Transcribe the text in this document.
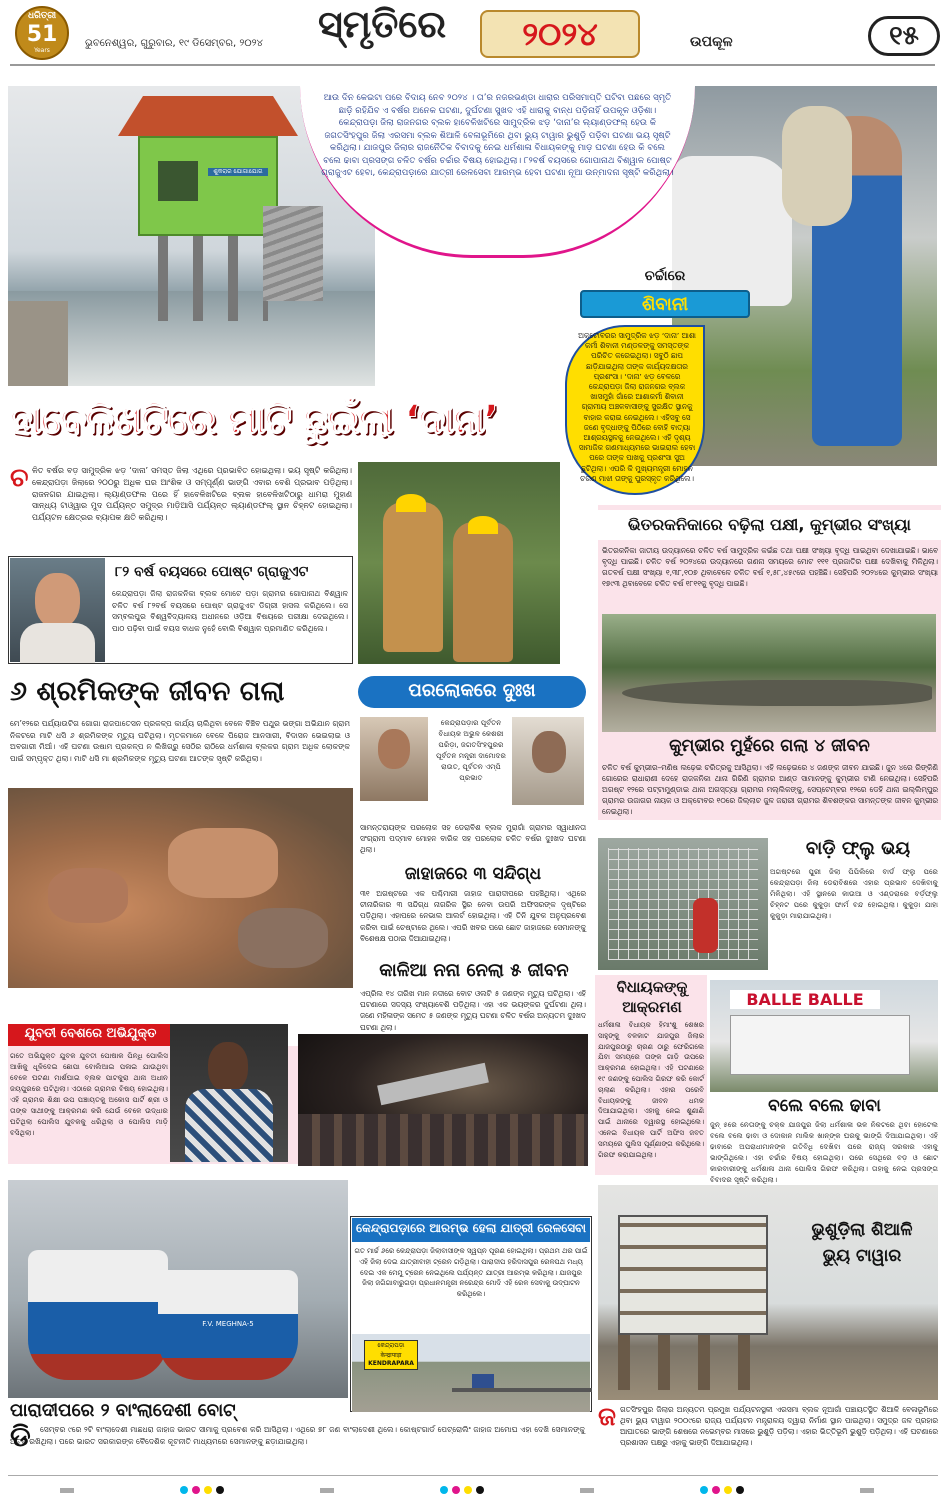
ଧରିତ୍ରୀ
51
Years
ଭୁବନେଶ୍ୱର, ଗୁରୁବାର, ୧୯ ଡିସେମ୍ବର, ୨୦୨୪	ସ୍ମୃତିରେ	୨୦୨୪	ଉପକୂଳ	୧୫
ଶୁକରାର ଯୋଗାଯୋଗ
ଆଉ ଦିନ କେଇଟା ପରେ ବିଦାୟ ନେବ ୨୦୨୪ । ତା’ର ନଜରଭଣ୍ଡା ଧାରାର ପରିସମାପ୍ତି ଘଟିବା ପଛରେ ସ୍ମୃତି ଛାଡ଼ି ରହିଯିବ ଏ ବର୍ଷର ଅନେକ ଘଟଣା, ଦୁର୍ଘଟଣା ସୁଖଦ ଏହି ଧାରାକୁ ବାନ୍ଧ ପଡ଼ିନାହିଁ ଉପକୂଳ ଓଡ଼ିଶା। କେନ୍ଦ୍ରାପଡ଼ା ଜିଲା ରାଜନଗର ବ୍ଲକ ହାବେଳିଖଟିରେ ସାମୁଦ୍ରିକ ଝଡ଼ ‘ଦାନା’ର ଲ୍ୟାଣ୍ଡଫଲ୍ ହେଉ କି ଜଗତସିଂହପୁର ଜିଲା ଏରସମା ବ୍ଲକ ଶିଆଳି ବେଳାଭୂମିରେ ଥିବା ଭ୍ୟୁ ଟାୱାର ଭୁଶୁଡ଼ି ପଡ଼ିବା ଘଟଣା ଭୟ ସୃଷ୍ଟି କରିଥିଲା। ଯାଜପୁର ଜିଲାର ରାଜନୈତିକ ବିବାଦକୁ ନେଇ ଧର୍ମଶାଳା ବିଧାୟକଙ୍କୁ ମାଡ଼ ଘଟଣା ହେଉ କି ବଲେ ବଲେ ଢାବା ପ୍ରସଙ୍ଗ ଚଳିତ ବର୍ଷର ଚର୍ଚ୍ଚାର ବିଷୟ ହୋଇଥିଲା। ୮୨ବର୍ଷ ବୟସରେ ଗୋପାନାଥ ବିଶ୍ୱାଳ ପୋଷ୍ଟ ଗ୍ରାଜୁଏଟ ହେବା, କେନ୍ଦ୍ରାପଡ଼ାରେ ଯାତ୍ରୀ ରେଳସେବା ଆରମ୍ଭ ହେବା ଘଟଣା ନୂଆ ଉନ୍ମାଦନା ସୃଷ୍ଟି କରିଥିଲା।
ଚର୍ଚ୍ଚାରେ
ଶିବାନୀ
ଅକ୍ଟୋବରର ସାମୁଦ୍ରିକ ଝଡ଼ ‘ଦାନା’ ଆଶା କର୍ମୀ ଶିବାନୀ ମଣ୍ଡଳଙ୍କୁ ସମସ୍ତଙ୍କ ପରିଚିତ କରେଇଥିଲା। ସବୁଠି ଛାପ ଛାଡ଼ିଯାଇଥିଲା ତାଙ୍କ କାର୍ଯ୍ୟଦକ୍ଷତାର ପ୍ରଶଂସା। ‘ଦାନା’ ଝଡ଼ ବେଳରେ କେନ୍ଦ୍ରାପଡ଼ା ଜିଲା ରାଜନଗର ବ୍ଲକ ଖାସମୁହାଁ ଗାଁରେ ଆଶାକର୍ମୀ ଶିବାନୀ ଗ୍ରାମୀୟ ଅଞ୍ଚଳବାସୀଙ୍କୁ ସୁରକ୍ଷିତ ସ୍ଥାନକୁ ବାହାର କରାଇ ନେଇଥିଲେ। ଏହିସବୁ ସେ ଜଣେ ବୃଦ୍ଧାଙ୍କୁ ପିଠିରେ ବୋହି ବାତ୍ୟା ଆଶ୍ରୟସ୍ଥଳକୁ ନେଇଥିଲେ। ଏହି ଦୃଶ୍ୟ ସାମାଜିକ ଗଣମାଧ୍ୟମରେ ଭାଇରାଲ ହେବା ପରେ ତାଙ୍କ ପାଖକୁ ପ୍ରଶଂସା ସୁଅ ଛୁଟିଥିଲା। ଏପରି କି ମୁଖ୍ୟମନ୍ତ୍ରୀ ମୋହନ ଚରଣ ମାଝୀ ତାଙ୍କୁ ପୁରସ୍କୃତ କରିଥିଲେ।
ହାବେଳିଖଟିରେ ମାଟି ଛୁଇଁଲା ‘ଦାନା’
ଚ ଳିତ ବର୍ଷର ବଡ଼ ସାମୁଦ୍ରିକ ଝଡ଼ ‘ଦାନା’ ସମସ୍ତ ଜିଲା ଏଥିରେ ପ୍ରଭାବିତ ହୋଇଥିଲା। ଭୟ ସୃଷ୍ଟି କରିଥିଲା। କେନ୍ଦ୍ରାପଡ଼ା ଜିଲାରେ ୨୦୦ରୁ ଅଧିକ ଘର ଆଂଶିକ ଓ ସମ୍ପୂର୍ଣ୍ଣ ଭାଙ୍ଗି ଏବାର ବେଶି ପ୍ରଭାବ ପଡ଼ିଥିଲା। ରାଜନଗର ଯାଇଥିଲା। ଲ୍ୟାଣ୍ଡଫଲ ପରେ ହିଁ ହାବେଳିଖଟିରେ ବ୍ଲକ ହାବେଳିଖଟିଠାରୁ ଧାମରା ମୁହାଣ ସାନ୍ଧ୍ୟ ଟାଓ୍ୱାର ମୁଦ ପର୍ଯ୍ୟନ୍ତ ସମୁଦ୍ର ମାଡ଼ିଆସି ପର୍ଯ୍ୟନ୍ତ ଲ୍ୟାଣ୍ଡଫଲ୍ ସ୍ଥାନ ଚିହ୍ନଟ ହୋଇଥିଲା। ପର୍ଯ୍ୟଟନ କ୍ଷେତ୍ରର ବ୍ୟାପକ କ୍ଷତି କରିଥିଲା।
୮୨ ବର୍ଷ ବୟସରେ ପୋଷ୍ଟ ଗ୍ରାଜୁଏଟ
କେନ୍ଦ୍ରାପଡ଼ା ଜିଲା ରାଜକନିକା ବ୍ଲକ ମୋଟେ ପଡ଼ା ଗ୍ରାମର ଗୋପାନାଥ ବିଶ୍ୱାଳ ଚଳିତ ବର୍ଷ ୮୨ବର୍ଷ ବୟସରେ ପୋଷ୍ଟ ଗ୍ରାଜୁଏଟ ଡିଗ୍ରୀ ହାସଲ କରିଥିଲେ। ସେ ସମ୍ବଲପୁର ବିଶ୍ୱବିଦ୍ୟାଳୟ ଅଧୀନରେ ଓଡ଼ିଆ ବିଷୟରେ ପରୀକ୍ଷା ଦେଇଥିଲେ। ପାଠ ପଢ଼ିବା ପାଇଁ ବୟସ ବାଧକ ନୁହେଁ ବୋଲି ବିଶ୍ୱାଳ ପ୍ରମାଣିତ କରିଥିଲେ।
୬ ଶ୍ରମିକଙ୍କ ଜୀବନ ଗଲା
ମେ’୧୨ରେ ପର୍ଯ୍ୟାଉଟିଗ ଗୋଗା ରାଜପାତେସନ ପ୍ରକଳ୍ପ କାର୍ଯ୍ୟ ଚାଲିଥିବା ବେଳେ ବିଞ୍ଚିବ ପଥୁର ଭଙ୍ଗା ଅଭିଯାନ ଗ୍ରାମ ନିକଟରେ ମାଟି ଧସି ୬ ଶ୍ରମିକଙ୍କ ମୃତ୍ୟୁ ଘଟିଥିଲା। ମୃତକମାନେ ବେଳେ ପିରୋଜ ଆନସାରୀ, ବିଦାସନ ଭେଇଲାଇ ଓ ଅବଗାରୀ ମିଆଁ। ଏହି ଘଟଣା ଉଷାମ ପ୍ରକଳ୍ପ ନ ଲିଖିଗ୍ରୁ ସେଠିର ରାଠିରେ ଧର୍ମଶାଳା ବ୍ଲକର ଗ୍ରାମ ଅଧିକ ଲୋକଙ୍କ ପାଇଁ ସମ୍ପୃକ୍ତ ଥିଲା। ମାଟି ଧସି ମା ଶ୍ରମିକଙ୍କ ମୃତ୍ୟୁ ଘଟଣା ଆତଙ୍କ ସୃଷ୍ଟି କରିଥିଲା।
ପରଲୋକରେ ଦୁଃଖ
କେନ୍ଦ୍ରାପଡ଼ାର ପୂର୍ବତନ ବିଧାୟକ ଅଭୁଳ କେଶରୀ ପରିଡ଼ା, ଜଗତସିଂହପୁରର ପୂର୍ବତନ ମନ୍ତ୍ରୀ ଦାମୋଦର ରାଉତ, ପୂର୍ବତନ ଏମ୍‌ପି ପ୍ରଭାତ
ସାମନ୍ତରାୟଙ୍କ ପରଲୋକ ସହ ଡେରାବିଶ ବ୍ଲକ ମୁରାଗାଁ ଗ୍ରାମର ସ୍ୱାଧୀନତା ସଂଗ୍ରାମୀ ପଦ୍ମାବ ମୋହନ ବାରିକ ସହ ପରଲୋକ ଚଳିତ ବର୍ଷର ଦୁଃଖଦ ଘଟଣା ଥିଲା।
ଜାହାଜରେ ୩ ସନ୍ଦିଗ୍ଧ
୩୧ ଅଗଷ୍ଟରେ ଏକ ପଶ୍ଚିମାରୀ ଜାହାଜ ପାରାଦୀପରେ ପହଞ୍ଚିଥିଲା। ଏଥିରେ ଚୀନାରିକାର ୩ ସନ୍ଦିଗ୍ଧ ନାଗରିକ ସ୍ଥିର ନେବା ଉପରି ଅଫିସରଙ୍କ ଦୃଷ୍ଟିରେ ପଡ଼ିଥିଲା। ଏହାପରେ ନେଭାଲ ଆଲର୍ଟ ହୋଇଥିଲା। ଏହି ତିନି ଯୁବକ ଅନୁପ୍ରବେଶ କରିବା ପାଇଁ ଚେଷ୍ଟାରେ ଥିଲେ। ଏପରି ଖବର ପରେ ଛୋଟ ଜାହାଜରେ ସେମାନଙ୍କୁ ବିଶେଷକ୍ଷ ପଠାଇ ଦିଆଯାଇଥିଲା।
କାଳିଆ ନନା ନେଲା ୫ ଜୀବନ
ଏପ୍ରିଲ ୧୪ ତାରିଖ ମାନ ନଦୀରେ ବୋଟ ଓଲଟି ୫ ଜଣଙ୍କ ମୃତ୍ୟୁ ଘଟିଥିଲା। ଏହି ଘଟଣାରେ ସଦସ୍ୟ ସଂଖ୍ୟାବେଶି ପଡ଼ିଥିଲା। ଏହା ଏକ ଭୟଙ୍କର ଦୁର୍ଘଟଣା ଥିଲା। ଜଣେ ମହିଳାଙ୍କ ସମେତ ୫ ଜଣଙ୍କ ମୃତ୍ୟୁ ଘଟଣା ଚଳିତ ବର୍ଷର ଅନ୍ୟତମ ଦୁଃଖଦ ଘଟଣା ଥିଲା।
ଯୁବତୀ ବେଶରେ ଅଭିଯୁକ୍ତ
ଗତେ ଅଭିଯୁକ୍ତ ଯୁବକ ଯୁବତୀ ପୋଷାକ ପିନ୍ଧି ପୋଲିସ ଆଖିକୁ ଧୂଳିଦେଇ ଛୋପା ବୋଲିଆଇ ପଳାଇ ଯାଉଥିବା ବେଳେ ଘଟଣା ମାର୍ଶଘାଇ ବ୍ଲକ ପାଟକୁରା ଥାନା ଅଧୀନ ଜୟପୁରରେ ଘଟିଥିଲା। ଏଠାରେ ଗ୍ରାମର ବିଷୟ ହୋଇଥିଲା। ଏହି ଗ୍ରାମର ଶିକ୍ଷୀ ଉପ ପଞ୍ଚାୟତକୁ ଅକୋସ ପାର୍ଟି ଶ୍ରୀ ଓ ତାଙ୍କ ସାଥୀଙ୍କୁ ଆକ୍ରମଣ କରି ଯେଉଁ ବେଳେ ଉଦ୍ଧାର ଘଟିଥିଲା ପୋଲିସ ଯୁବକକୁ ଧରିଥିଲା ଓ ପୋଲିସ ମାଡ଼ି ବସିଥିଲା।
ଭିତରକନିକାରେ ବଢ଼ିଲା ପକ୍ଷୀ, କୁମ୍ଭୀର ସଂଖ୍ୟା
ଭିତରକନିକା ଜାତୀୟ ଉଦ୍ୟାନରେ ଚଳିତ ବର୍ଷ ସାମୁଦ୍ରିକ କଇଁଛ ତଥା ପକ୍ଷୀ ସଂଖ୍ୟା ବୃଦ୍ଧି ପାଇଥିବା ଦେଖାଯାଇଛି। ଭାବେ ବୃଦ୍ଧି ପାଇଛି। ଚଳିତ ବର୍ଷ ୨୦୨୪ରେ ଉଦ୍ୟାନରେ ଗଣନା ସମୟରେ ମୋଟ ୧୧୧ ପ୍ରଜାତିର ପକ୍ଷୀ ଦେଖିବାକୁ ମିଳିଥିଲା। ଗତବର୍ଷ ପକ୍ଷୀ ସଂଖ୍ୟା ୧,୩୮,୧୦୭ ଥିବାବେଳେ ଚଳିତ ବର୍ଷ ୧,୫୮,୪୫୯ରେ ପହଞ୍ଚିଛି। ସେହିପରି ୨୦୨୪ରେ କୁମ୍ଭୀର ସଂଖ୍ୟା ୧୭୯୩ ଥିବାବେଳେ ଚଳିତ ବର୍ଷ ୧୮୧୧କୁ ବୃଦ୍ଧି ପାଇଛି।
କୁମ୍ଭୀର ମୁହଁରେ ଗଲା ୪ ଜୀବନ
ଚଳିତ ବର୍ଷ କୁମ୍ଭୀର–ମଣିଷ ଲଢ଼େଇ ଚରିତ୍ରକୁ ଆସିଥିଲା। ଏହି ଲଢ଼େଇରେ ୪ ଜଣଙ୍କ ଜୀବନ ଯାଇଛି। ଜୁନ ୪ରେ ରିଙ୍କିଣି ଗୋରେର ରାଧାରାଣୀ ଦେହେ ରାଜକନିକା ଥାନା ଗିରିଣି ଗ୍ରାମର ଆଣ୍ଡ ସାମାନଙ୍କୁ କୁମ୍ଭୀର ଟାଣି ନେଇଥିଲା। ସେହିପରି ଅଗଷ୍ଟ ୧୨ରେ ପଟ୍ଟାମୁଣ୍ଡାଇ ଥାନା ଅଗସ୍ତ୍ୟା ଗ୍ରାମର ମଲ୍ଲିକଙ୍କୁ, ସେପ୍ଟେମ୍ବର ୧୨ରେ ଡେହି ଥାନା ଇଲ୍ଲିମ୍ପୁର ଗ୍ରାମର ଉଜାଗର ନାୟକ ଓ ଅକ୍ଟୋବର ୧୦ରେ ଜିଲ୍ଲାଚ ଜୁଳ ଜରାରୀ ଗ୍ରାମର ଶିବଶଙ୍କର ସାମନ୍ତଙ୍କ ଜୀବନ କୁମ୍ଭୀର ନେଇଥିଲା।
ବାଡ଼ି ଫ୍ଲୁ ଭୟ
ଅଗଷ୍ଟରେ ପୁରୀ ଜିଲା ପିପିଲିରେ ବାର୍ଡ ଫ୍ଲୁ ପରେ କେନ୍ଦ୍ରାପଡ଼ା ଜିଲା ଡେରାବିଶରେ ଏହାର ପ୍ରଭାବ ଦେଖିବାକୁ ମିଳିଥିଲା। ଏହି ସ୍ଥାନରେ କାଉଆ ଓ ଏଣ୍ଡରାରେ ବର୍ଡ଼ଫ୍ଲୁ ଚିହ୍ନଟ ପରେ କୁକୁଡ଼ା ଫାର୍ମ ବନ୍ଦ ହୋଇଥିଲା। କୁକୁଡ଼ା ଯାହା କୁକୁଡ଼ା ମାରାଯାଇଥିଲା।
ବିଧାୟକଙ୍କୁ
ଆକ୍ରମଣ
ଧର୍ମଶାଳା ବିଧାୟକ ହିମାଂଶୁ ଶେଖର ସାହୁଙ୍କୁ ବଳକାଟ ଯାଜପୁର ଜିଲାର ଯାଜପୁରଠାରୁ ଚାରଣ ଠାରୁ ଫେରିଗଲେ ଯିବା ସମୟରେ ତାଙ୍କ ଗାଡ଼ି ଉପରେ ଆକ୍ରମଣ ହୋଇଥିଲା। ଏହି ଘଟଣାରେ ୧୯ ଜଣଙ୍କୁ ପୋଲିସ ଗିରଫ କରି କୋର୍ଟ ଚାଲାଣ କରିଥିଲା। ଏହାର ପରେବି ବିଧାୟକଙ୍କୁ ଜୀବନ ଧମକ ଦିଆଯାଇଥିଲା। ଏହାକୁ ନେଇ ଶୁଣାଣି ପାଇଁ ଥାନାରେ ଦ୍ୱାରସ୍ଥ ହୋଇଥିଲେ। ଏନେଇ ବିଧାୟକ ପାର୍ଟି ଅଫିସ ଜବତ ସମୟରେ ପୁଲିସ ପୂର୍ଣ୍ଣାଙ୍ଗ କରିଥିଲେ। ଗିରଫ କରାଯାଇଥିଲା।
BALLE BALLE
ବଲେ ବଲେ ଢାବା
ଜୁନ୍ ୫ରେ ନେତାଙ୍କୁ ଚକ୍କ ଯାଜପୁର ଜିଲା ଧର୍ମଶାଳା ଭଳ ନିକଟରେ ଥିବା ହୋଟେଲ ବଲେ ବଲେ ଢାବା ଓ ଦୋକାନ ମାଲିକ ଖାନ୍ଙ୍କ ଘରକୁ ଭାଙ୍ଗି ଦିଆଯାଇଥିଲା। ଏହି ଢାବାରେ ଅପରାଧୀମାନଙ୍କ ଗତିବିଧି ଦେଖିବା ପରେ ରାଜ୍ୟ ସରକାର ଏହାକୁ ଭାଙ୍ଗିଥିଲେ। ଏହା ଚର୍ଚ୍ଚାର ବିଷୟ ହୋଇଥିଲା। ପରେ ସେଥିରେ ବଡ଼ ଓ ଛୋଟ କାରବାରୀଙ୍କୁ ଧର୍ମଶାଳା ଥାନା ପୋଲିସ ଗିରଫ କରିଥିଲା। ତାହାକୁ ନେଇ ପ୍ରସଙ୍ଗ ବିବାଦର ସୃଷ୍ଟି କରିଥିଲା।
F.V. MEGHNA-5
ପାରାଦୀପରେ ୨ ବାଂଲାଦେଶୀ ବୋଟ୍
ଡି	ସେମ୍ବର ୯ରେ ୨ଟି ବାଂଲାଦେଶୀ ମାଛଧରା ଜାହାଜ ଭାରତ ସୀମାକୁ ପ୍ରବେଶ କରି ଆସିଥିଲା। ଏଥିରେ ୭୮ ଜଣ ବାଂଲାଦେଶୀ ଥିଲେ। କୋଷ୍ଟଗାର୍ଡ ପେଟ୍ରୋଲିଂ ଜାହାଜ ଅମୋଘ ଏହା ଦେଖି ସେମାନଙ୍କୁ ଅଟକ ରଖିଥିଲା। ପରେ ଭାରତ ସରକାରଙ୍କ ବୈଦେଶିକ କୂଟନୀତି ମାଧ୍ୟମରେ ସେମାନଙ୍କୁ ଛଡ଼ାଯାଇଥିଲା।
କେନ୍ଦ୍ରାପଡ଼ାରେ ଆରମ୍ଭ ହେଲା ଯାତ୍ରୀ ରେଳସେବା
ଗତ ମାର୍ଚ୍ଚ ୬ରେ କେନ୍ଦ୍ରାପଡ଼ା ଜିଲାବାସୀଙ୍କ ସ୍ୱପ୍ନ ପୂରଣ ହୋଇଥିଲା। ପ୍ରଥମ ଥର ପାଇଁ ଏହି ଜିଲା ଦେଇ ଯାତ୍ରୀବାହୀ ଟ୍ରେନ ଗଡ଼ିଥିଲା। ପାରାଦୀପ ହରିଦାସପୁର ରେଳପଥ ମଧ୍ୟ ଦେଇ ଏକ ମେମୁ ଟ୍ରେନ ନେଇଥିଲେ ପର୍ଯ୍ୟନ୍ତ ଯାତ୍ରୀ ଆରମ୍ଭ କରିଥିଲା। ଯାଜପୁର ଜିଲା ଜଗିଗାବାରୁଗଡ଼ା ପ୍ରଧାନମନ୍ତ୍ରୀ ନରେନ୍ଦ୍ର ମୋଦି ଏହି ରେଳ ସେବାକୁ ଉଦ୍‌ଘାଟନ କରିଥିଲେ।
କେନ୍ଦ୍ରାପଡ଼ା
केन्द्रापाड़ा
KENDRAPARA
ଭୁଶୁଡ଼ିଲା ଶିଆଳି
ଭ୍ୟୁ ଟାୱାର
ଜ ଗତସିଂହପୁର ଜିଲାର ଅନ୍ୟତମ ପ୍ରମୁଖ ପର୍ଯ୍ୟଟନସ୍ଥଳୀ ଏରସମା ବ୍ଲକ ନୂଆଗାଁ ପଞ୍ଚାୟତସ୍ଥିତ ଶିଆଳି ବେଳାଭୂମିରେ ଥିବା ଭ୍ୟୁ ଟାୱାର ୨୦୦୯ରେ ରାଜ୍ୟ ପର୍ଯ୍ୟଟନ ମନ୍ତ୍ରାଳୟ ଦ୍ୱାରା ନିର୍ମାଣ ସ୍ଥାନ ପାଇଥିଲା। ସମୁଦ୍ର ଜଳ ପ୍ରହାର ଆଘାତରେ ଭାଙ୍ଗି ଶେଷରେ ନଭେମ୍ବର ମାସରେ ଭୁଶୁଡ଼ି ପଡ଼ିଲା। ଏହାର ଭିତ୍ତିଭୂମି ଭୁଶୁଡ଼ି ପଡ଼ିଥିଲା। ଏହି ଘଟଣାରେ ପ୍ରଶାସନ ପକ୍ଷରୁ ଏହାକୁ ଭାଙ୍ଗି ଦିଆଯାଇଥିଲା।
